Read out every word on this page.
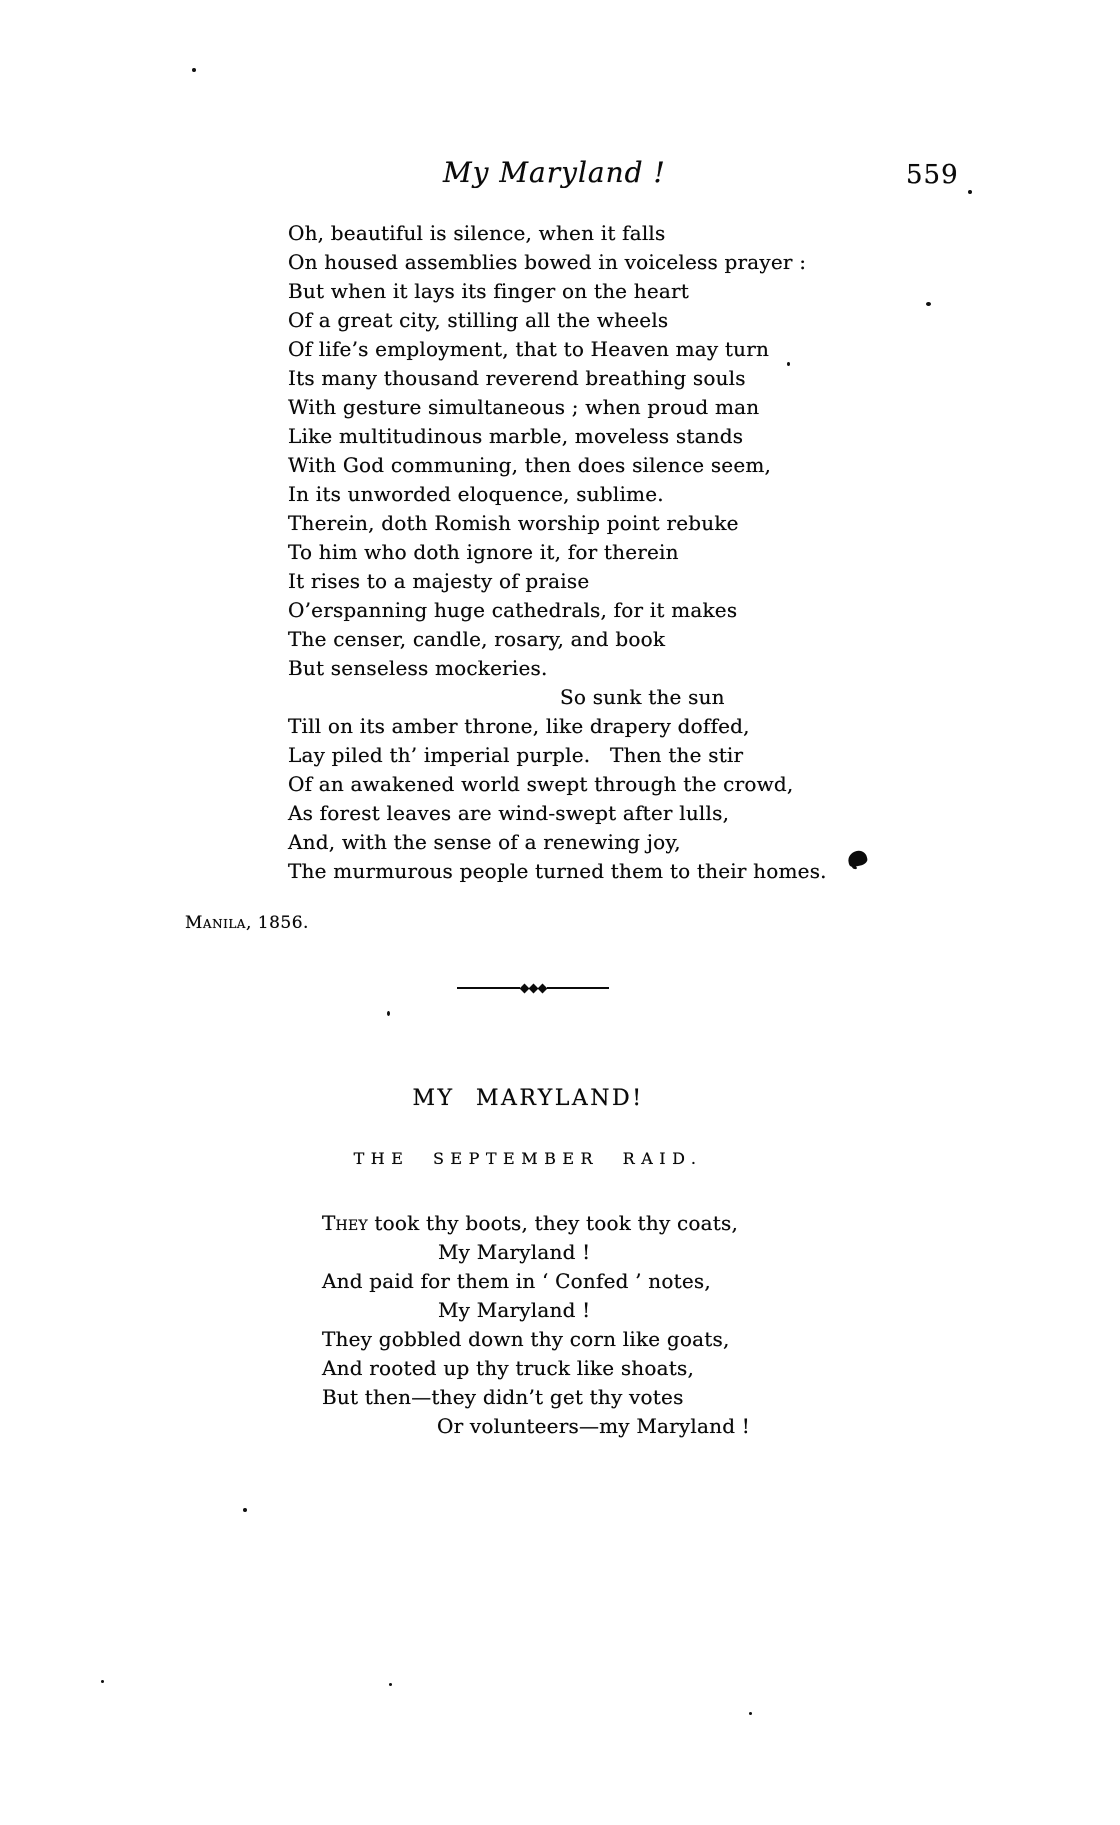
My Maryland !	559
Oh, beautiful is silence, when it falls
On housed assemblies bowed in voiceless prayer :
But when it lays its finger on the heart
Of a great city, stilling all the wheels
Of life’s employment, that to Heaven may turn
Its many thousand reverend breathing souls
With gesture simultaneous ; when proud man
Like multitudinous marble, moveless stands
With God communing, then does silence seem,
In its unworded eloquence, sublime.
Therein, doth Romish worship point rebuke
To him who doth ignore it, for therein
It rises to a majesty of praise
O’erspanning huge cathedrals, for it makes
The censer, candle, rosary, and book
But senseless mockeries.
So sunk the sun
Till on its amber throne, like drapery doffed,
Lay piled th’ imperial purple.   Then the stir
Of an awakened world swept through the crowd,
As forest leaves are wind-swept after lulls,
And, with the sense of a renewing joy,
The murmurous people turned them to their homes.
Manila, 1856.
MY MARYLAND!
THE SEPTEMBER RAID.
They took thy boots, they took thy coats,
My Maryland !
And paid for them in ‘ Confed ’ notes,
My Maryland !
They gobbled down thy corn like goats,
And rooted up thy truck like shoats,
But then—they didn’t get thy votes
Or volunteers—my Maryland !
